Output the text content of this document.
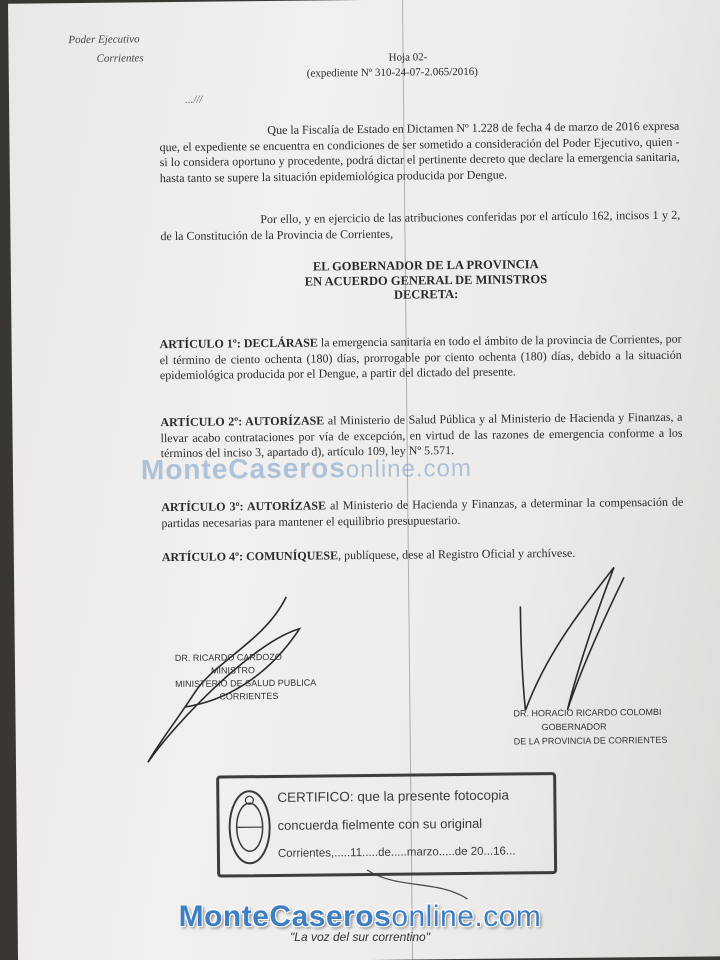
Poder Ejecutivo
Corrientes	Hoja 02-
(expediente Nº 310-24-07-2.065/2016)
...///

Que la Fiscalía de Estado en Dictamen Nº 1.228 de fecha 4 de marzo de 2016 expresa que, el expediente se encuentra en condiciones de ser sometido a consideración del Poder Ejecutivo, quien -si lo considera oportuno y procedente, podrá dictar el pertinente decreto que declare la emergencia sanitaria, hasta tanto se supere la situación epidemiológica producida por Dengue.

Por ello, y en ejercicio de las atribuciones conferidas por el artículo 162, incisos 1 y 2, de la Constitución de la Provincia de Corrientes,

EL GOBERNADOR DE LA PROVINCIA
EN ACUERDO GENERAL DE MINISTROS
DECRETA:

ARTÍCULO 1º: DECLÁRASE la emergencia sanitaria en todo el ámbito de la provincia de Corrientes, por el término de ciento ochenta (180) días, prorrogable por ciento ochenta (180) días, debido a la situación epidemiológica producida por el Dengue, a partir del dictado del presente.

ARTÍCULO 2º: AUTORÍZASE al Ministerio de Salud Pública y al Ministerio de Hacienda y Finanzas, a llevar acabo contrataciones por vía de excepción, en virtud de las razones de emergencia conforme a los términos del inciso 3, apartado d), artículo 109, ley Nº 5.571.

ARTÍCULO 3º: AUTORÍZASE al Ministerio de Hacienda y Finanzas, a determinar la compensación de partidas necesarias para mantener el equilibrio presupuestario.

ARTÍCULO 4º: COMUNÍQUESE, publíquese, dese al Registro Oficial y archívese.

MonteCaserosonline.com
DR. RICARDO CARDOZO
MINISTRO
MINISTERIO DE SALUD PUBLICA
CORRIENTES
DR. HORACIO RICARDO COLOMBI
GOBERNADOR
DE LA PROVINCIA DE CORRIENTES
CERTIFICO: que la presente fotocopia
concuerda fielmente con su original
Corrientes,.....11.....de.....marzo.....de 20...16...
MonteCaserosonline.com
"La voz del sur correntino"
